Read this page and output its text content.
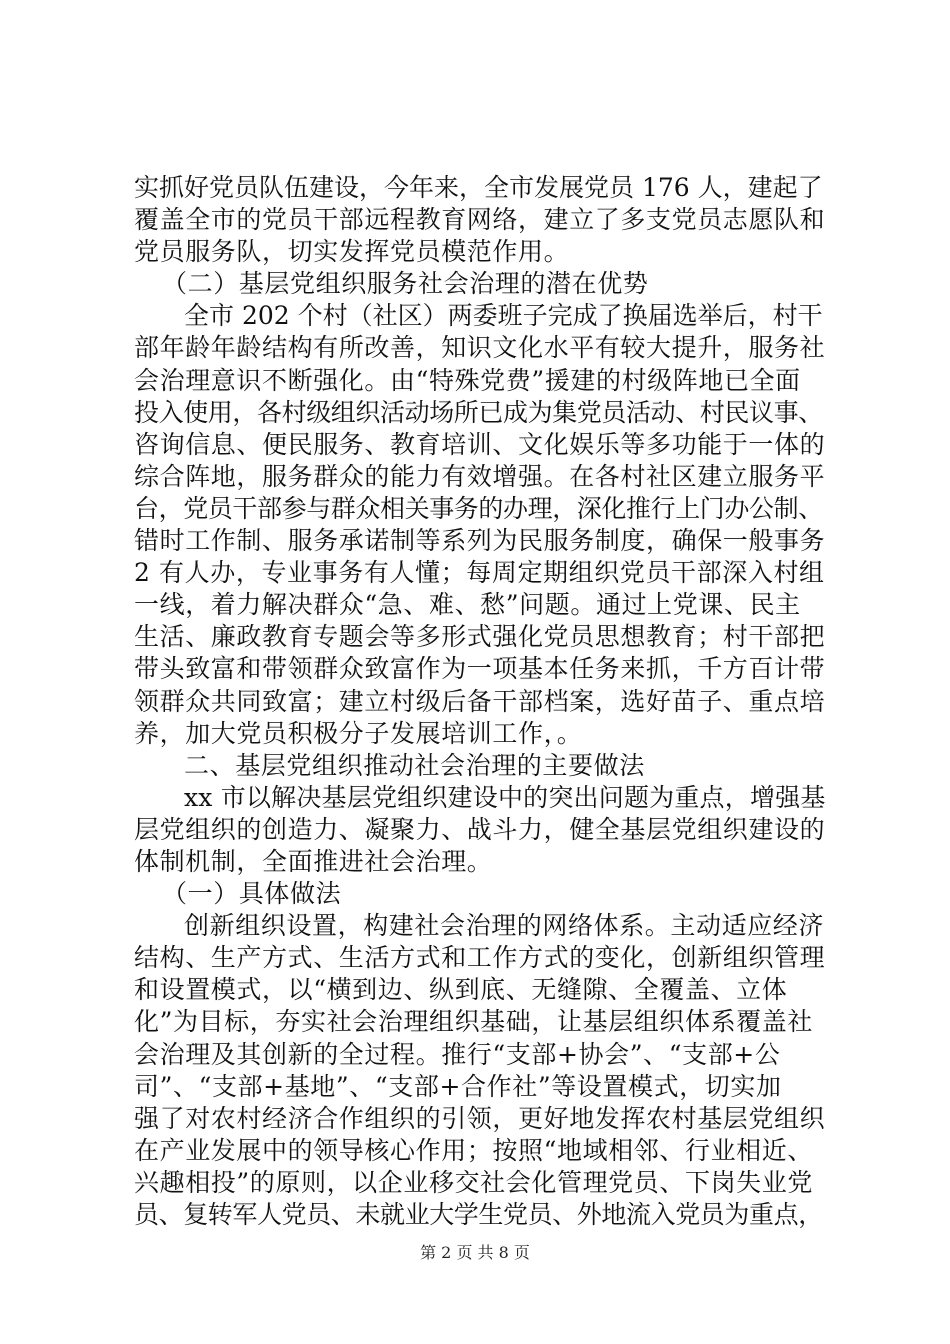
实抓好党员队伍建设，今年来，全市发展党员 176 人，建起了
覆盖全市的党员干部远程教育网络，建立了多支党员志愿队和
党员服务队，切实发挥党员模范作用。
（二）基层党组织服务社会治理的潜在优势
全市 202 个村（社区）两委班子完成了换届选举后，村干
部年龄年龄结构有所改善，知识文化水平有较大提升，服务社
会治理意识不断强化。由“特殊党费”援建的村级阵地已全面
投入使用，各村级组织活动场所已成为集党员活动、村民议事、
咨询信息、便民服务、教育培训、文化娱乐等多功能于一体的
综合阵地，服务群众的能力有效增强。在各村社区建立服务平
台，党员干部参与群众相关事务的办理，深化推行上门办公制、
错时工作制、服务承诺制等系列为民服务制度，确保一般事务
2 有人办，专业事务有人懂；每周定期组织党员干部深入村组
一线，着力解决群众“急、难、愁”问题。通过上党课、民主
生活、廉政教育专题会等多形式强化党员思想教育；村干部把
带头致富和带领群众致富作为一项基本任务来抓，千方百计带
领群众共同致富；建立村级后备干部档案，选好苗子、重点培
养，加大党员积极分子发展培训工作，。
二、基层党组织推动社会治理的主要做法
xx 市以解决基层党组织建设中的突出问题为重点，增强基
层党组织的创造力、凝聚力、战斗力，健全基层党组织建设的
体制机制，全面推进社会治理。
（一）具体做法
创新组织设置，构建社会治理的网络体系。主动适应经济
结构、生产方式、生活方式和工作方式的变化，创新组织管理
和设置模式，以“横到边、纵到底、无缝隙、全覆盖、立体
化”为目标，夯实社会治理组织基础，让基层组织体系覆盖社
会治理及其创新的全过程。推行“支部+协会”、“支部+公
司”、“支部+基地”、“支部+合作社”等设置模式，切实加
强了对农村经济合作组织的引领，更好地发挥农村基层党组织
在产业发展中的领导核心作用；按照“地域相邻、行业相近、
兴趣相投”的原则，以企业移交社会化管理党员、下岗失业党
员、复转军人党员、未就业大学生党员、外地流入党员为重点，
第 2 页 共 8 页
